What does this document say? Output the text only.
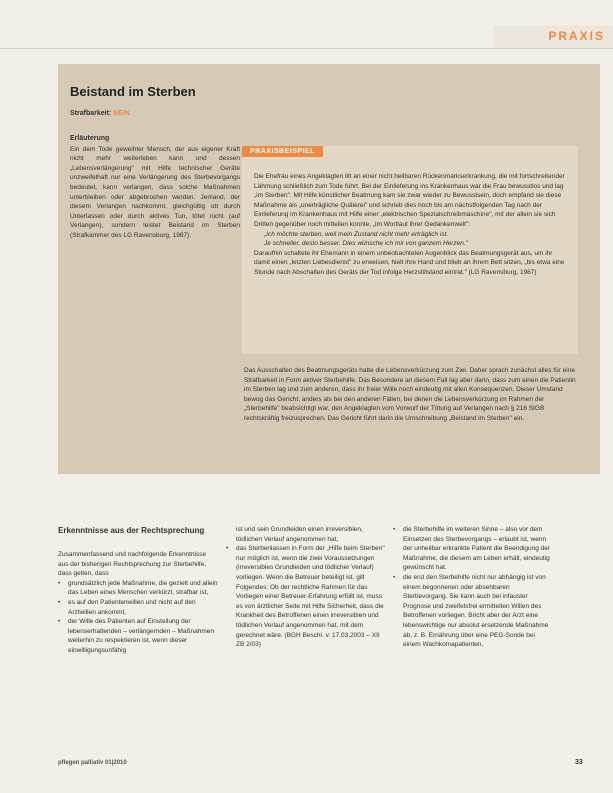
PRAXIS
Beistand im Sterben
Strafbarkeit: NEIN
Erläuterung
Ein dem Tode geweihter Mensch, der aus eigener Kraft nicht mehr weiterleben kann und dessen „Lebensverlängerung" mit Hilfe technischer Geräte unzweifelhaft nur eine Verlängerung des Sterbevorgangs bedeutet, kann verlangen, dass solche Maßnahmen unterbleiben oder abgebrochen werden. Jemand, der diesem Verlangen nachkommt, gleichgültig ob durch Unterlassen oder durch aktives Tun, tötet nicht (auf Verlangen), sondern leistet Beistand im Sterben (Strafkammer des LG Ravensburg, 1987).
PRAXISBEISPIEL
Die Ehefrau eines Angeklagten litt an einer nicht heilbaren Rückenmarkserkrankung, die mit fortschreitender Lähmung schließlich zum Tode führt. Bei der Einlieferung ins Krankenhaus war die Frau bewusstlos und lag „im Sterben". Mit Hilfe künstlicher Beatmung kam sie zwar wieder zu Bewusstsein, doch empfand sie diese Maßnahme als „unerträgliche Quälerei" und schrieb dies hoch bis am nächstfolgenden Tag nach der Einlieferung im Krankenhaus mit Hilfe einer „elektrischen Spezialschreibmaschine", mit der allein sie sich Dritten gegenüber noch mitteilen konnte, „im Wortlaut ihrer Gedankenwelt":
„Ich möchte sterben, weil mein Zustand nicht mehr erträglich ist.
Je schneller, desto besser. Dies wünsche ich mir von ganzem Herzen."
Daraufhin schaltete ihr Ehemann in einem unbeobachteten Augenblick das Beatmungsgerät aus, um ihr damit einen „letzten Liebesdienst" zu erweisen, hielt ihre Hand und blieb an ihrem Bett sitzen, „bis etwa eine Stunde nach Abschalten des Geräts der Tod infolge Herzstillstand eintrat." (LG Ravensburg, 1987)
Das Ausschalten des Beatmungsgeräts hatte die Lebensverkürzung zum Ziel. Daher sprach zunächst alles für eine Strafbarkeit in Form aktiver Sterbehilfe. Das Besondere an diesem Fall lag aber darin, dass zum einen die Patientin im Sterben lag und zum anderen, dass ihr freier Wille noch eindeutig mit allen Konsequenzen. Dieser Umstand bewog das Gericht, anders als bei den anderen Fällen, bei denen die Lebensverkürzung im Rahmen der „Sterbehilfe" beabsichtigt war, den Angeklagten vom Vorwurf der Tötung auf Verlangen nach § 216 StGB rechtskräftig freizusprechen. Das Gericht führt darin die Umschreibung „Beistand im Sterben" ein.
Erkenntnisse aus der Rechtsprechung
Zusammenfassend und nachfolgende Erkenntnisse aus der bisherigen Rechtsprechung zur Sterbehilfe, dass gelten, dass
• grundsätzlich jede Maßnahme, die gezielt und allein das Leben eines Menschen verkürzt, strafbar ist,
• es auf den Patientenwillen und nicht auf den Arztwillen ankommt,
• der Wille des Patienten auf Einstellung der lebenserhaltenden – verlängernden – Maßnahmen weiterhin zu respektieren ist, wenn dieser einwilligungsunfähig
ist und sein Grundleiden einen irreversiblen, tödlichen Verlauf angenommen hat,
• das Sterbenlassen in Form der „Hilfe beim Sterben" nur möglich ist, wenn die zwei Voraussetzungen (irreversibles Grundleiden und tödlicher Verlauf) vorliegen. Wenn die Betreuer beteiligt ist, gilt Folgendes: Ob der rechtliche Rahmen für das Vorliegen einer Betreuer-Erfahrung erfüllt ist, muss es von ärztlicher Seite mit Hilfe Sicherheit, dass die Krankheit des Betroffenen einen irreversiblen und tödlichen Verlauf angenommen hat, mit dem gerechnet wäre. (BGH Beschl. v. 17.03.2003 – XII ZB 2/03)
• die Sterbehilfe im weiteren Sinne – also vor dem Einsetzen des Sterbevorgangs – erlaubt ist, wenn der unheilbar erkrankte Patient die Beendigung der Maßnahme, die diesem am Leben erhält, eindeutig gewünscht hat.
• die erst den Sterbehilfe nicht nur abhängig ist von einem begonnenen oder absehbaren Sterbevorgang. Sie kann auch bei infauster Prognose und zweifelsfrei ermittelten Willen des Betroffenen vorliegen. Bricht aber der Arzt eine lebenswichtige nur absolut ersetzende Maßnahme ab, z. B. Ernährung über eine PEG-Sonde bei einem Wachkomapatienten,
pflegen palliativ 01|2010	33
